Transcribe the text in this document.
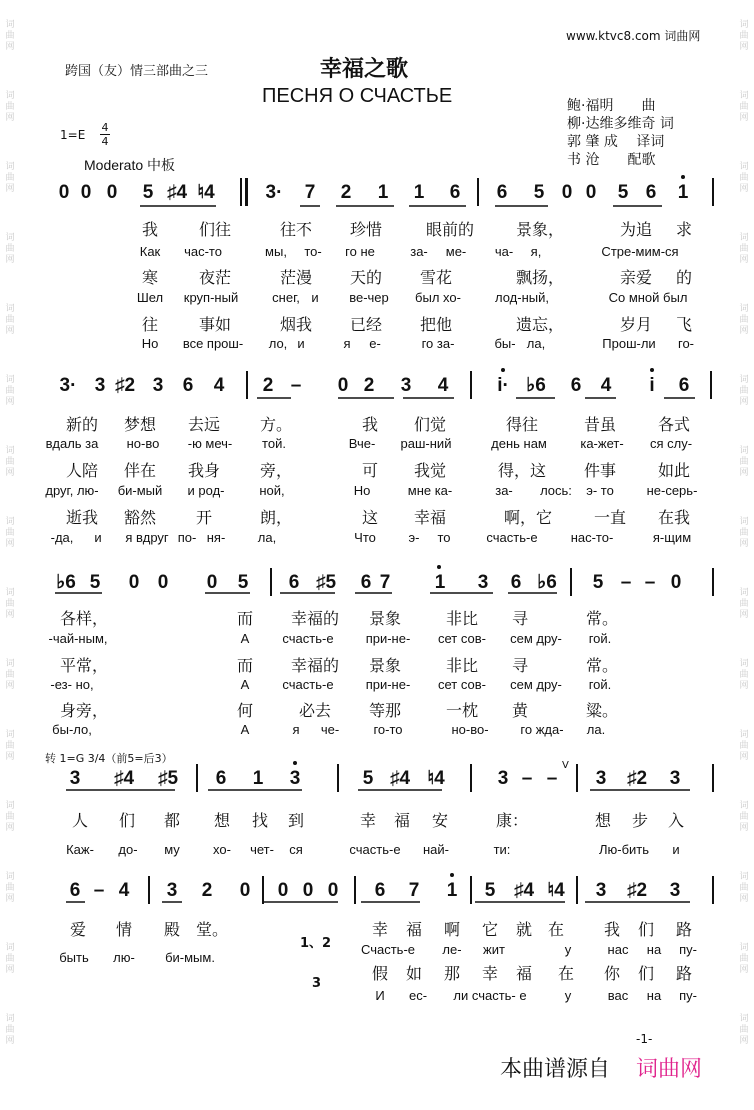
词曲网
词曲网
词曲网
词曲网
词曲网
词曲网
词曲网
词曲网
词曲网
词曲网
词曲网
词曲网
词曲网
词曲网
词曲网
词曲网
词曲网
词曲网
词曲网
词曲网
词曲网
词曲网
词曲网
词曲网
词曲网
词曲网
词曲网
词曲网
词曲网
词曲网
www.ktvc8.com 词曲网
跨国（友）情三部曲之三	幸福之歌
ПЕСНЯ О СЧАСТЬЕ
1=E
4
4
Moderato 中板
鲍·福明　　曲
柳·达维多维奇 词
郭 肇 成　 译词
书 沧　　配歌
0 0 0 5 ♯4 ♮4	3· 7 2 1 1 6 6 5 0 0 5 6 1
我	们往	往不 珍惜	眼前的	景象，	为追 求
Как час-то	мы, то- го не	за- ме- ча- я,	Стре-мим-ся
寒	夜茫	茫漫 天的 雪花	飘扬，	亲爱 的
Шел круп-ный	снег, и ве-чер был хо-	лод-ный,	Со мной был
往	事如	烟我 已经 把他	遗忘，	岁月 飞
Но все прош- ло, и	я е-	го за-	бы- ла,	Прош-ли го-
3· 3 ♯2 3 6 4 2 – 0 2 3 4	i· ♭6 6 4 i 6
新的 梦想 去远 方。	我 们觉	得往	昔虽	各式
вдаль за но-во -ю меч- той.	Вче- раш-ний	день нам	ка-жет- ся слу-
人陪 伴在 我身 旁，	可 我觉	得，这 件事	如此
друг, лю- би-мый и род-	ной,	Но	мне ка-	за- лось: э- то	не-серь-
逝我 豁然 开	朗，	这 幸福	啊，它	一直 在我
-да, и я вдруг по- ня-	ла,	Что	э- то	счасть-е	нас-то-	я-щим
♭6 5 0 0 0 5 6 ♯5 6 7 1 3 6 ♭6 5 – – 0
各样，	而 幸福的 景象	非比 寻	常。
-чай-ным,	А	счасть-е при-не- сет сов- сем дру- гой.
平常，	而 幸福的 景象	非比 寻	常。
-ез- но,	А	счасть-е при-не- сет сов- сем дру- гой.
身旁，	何	必去 等那	一枕 黄	粱。
бы-ло,	А	я че-	го-то	но-во- го жда- ла.
转 1=G 3/4（前5=后3）
3 ♯4 ♯5 6 1 3	5 ♯4 ♮4	3 – – 3 ♯2 3
V
人 们 都 想 找 到	幸 福 安	康：	想 步 入
Каж- до- му	хо- чет- ся	счасть-е най-	ти:	Лю-бить и
6 – 4 3 2 0 0 0 0 6 7 1 5 ♯4 ♮4 3 ♯2 3
爱 情 殿 堂。	幸 福 啊 它 就 在 我 们 路
1、2
быть лю- би-мым.
Счасть-е ле- жит	у	нас на пу-
假 如 那 幸 福 在 你 们 路
3
И ес- ли счасть- е	у	вас на пу-
-1-
本曲谱源自 词曲网
